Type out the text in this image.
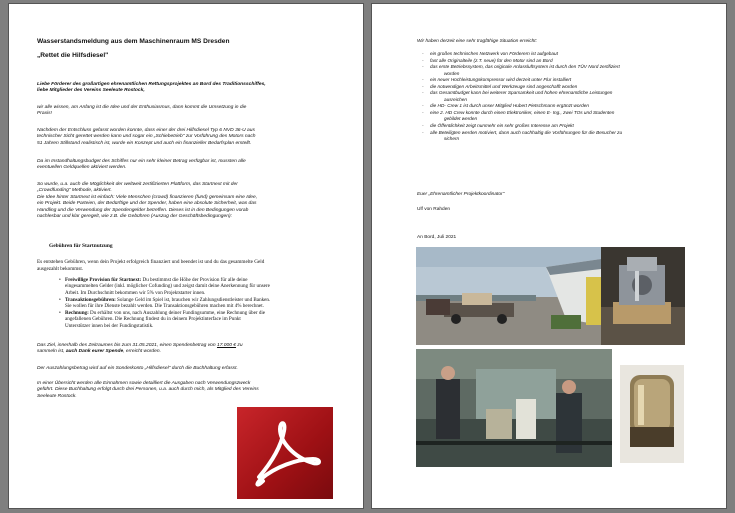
Wasserstandsmeldung aus dem Maschinenraum MS Dresden
„Rettet die Hilfsdiesel"
Liebe Förderer des großartigen ehrenamtlichen Rettungsprojektes an Bord des Traditionsschiffes,
liebe Mitglieder des Vereins Seeleute Rostock,
wir alle wissen, am Anfang ist die Idee und der Enthusiasmus, dann kommt die Umsetzung in die
Praxis!
Nachdem der Entschluss gefasst worden konnte, dass einer der drei Hilfsdiesel Typ 6 NVD 36-U aus
technischer Sicht gerettet werden kann und sogar ein „Schiebetrieb" zur Vorführung des Motors nach
51 Jahren Stillstand realistisch ist, wurde ein Konzept und auch ein finanzieller Bedarfsplan erstellt.
Da im Instandhaltungsbudget des Schiffes nur ein sehr kleiner Betrag verfügbar ist, mussten alle
eventuellen Geldquellen aktiviert werden.
So wurde, u.a. auch die Möglichkeit der weltweit zertifizierten Plattform, das Startnext mit der
„Crowdfunding" Methode, aktiviert.
Die Idee hinter Startnext ist einfach: Viele Menschen (crowd) finanzieren (fund) gemeinsam eine Idee,
ein Projekt. Beide Parteien, der Bedürftige und der Spender, haben eine absolute Sicherheit, was das
Handling und die Verwendung der Spendengelder betreffen. Dieses ist in den Bedingungen vorab
nachlesbar und klar geregelt, wie z.B. die Gebühren (Auszug der Geschäftsbedingungen):
Gebühren für Startnutzung
Es entstehen Gebühren, wenn dein Projekt erfolgreich finanziert und beendet ist und du das gesammelte Geld
ausgezahlt bekommst.
• Freiwillige Provision für Startnext: Du bestimmst die Höhe der Provision für alle deine
eingesammelten Gelder (inkl. möglicher Cofunding) und zeigst damit deine Anerkennung für unsere
Arbeit. Im Durchschnitt bekommen wir 5% von Projektstarter innen.
• Transaktionsgebühren: Solange Geld im Spiel ist, brauchen wir Zahlungsdienstleister und Banken.
Sie wollen für ihre Dienste bezahlt werden. Die Transaktionsgebühren machen mit 4% berechnet.
• Rechnung: Du erhältst von uns, nach Auszahlung deiner Fundingsumme, eine Rechnung über die
angefallenen Gebühren. Die Rechnung findest du in deinem Projektinterface im Punkt
Unterstützer innen bei der Fundingstatistik.
Das Ziel, innerhalb des Zeitraumes bis zum 31.05.2021, einen Spendenbetrag von 17.000 € zu
sammeln ist, auch Dank eurer Spende, erreicht worden.
Der Auszahlungsbetrag wird auf ein Sonderkonto „Hilfsdiesel" durch die Buchhaltung erfasst.
In einer Übersicht werden alle Einnahmen sowie detailliert die Ausgaben nach Verwendungszweck
geführt. Diese Buchhaltung erfolgt durch drei Personen, u.a. auch durch mich, als Mitglied des Vereins
Seeleute Rostock.
Wir haben derzeit eine sehr tragfähige Situation erreicht:
- ein großes technisches Netzwerk von Förderern ist aufgebaut
- fast alle Originalteile (z.T. neue) für den Motor sind an Bord
- das erste Betriebssystem, das originale Anlassluftsystem ist durch den TÜV Nord zertifiziert
worden
- ein neuer Hochleistungskompressor wird derzeit unter Flur installiert
- die notwendigen Arbeitsmittel und Werkzeuge sind angeschafft worden
- das Gesamtbudget kann bei weiterer Sparsamkeit und hohen ehrenamtliche Leistungen
ausreichen
- die HD- Crew 1 ist durch unser Mitglied Hubert Pietschmann ergänzt worden
- eine 2. HD Crew konnte durch einen Elektroniker, einen E- Ing., zwei TOs und Studenten
gebildet werden
- die Öffentlichkeit zeigt nunmehr ein sehr großes Interesse am Projekt
- alle Beteiligten werden motiviert, dann auch nachhaltig die Vorführungen für die Besucher zu
sichern
Euer „Ehrenamtlicher Projektkoordinator"
Ulf von Rahden
An Bord, Juli 2021
